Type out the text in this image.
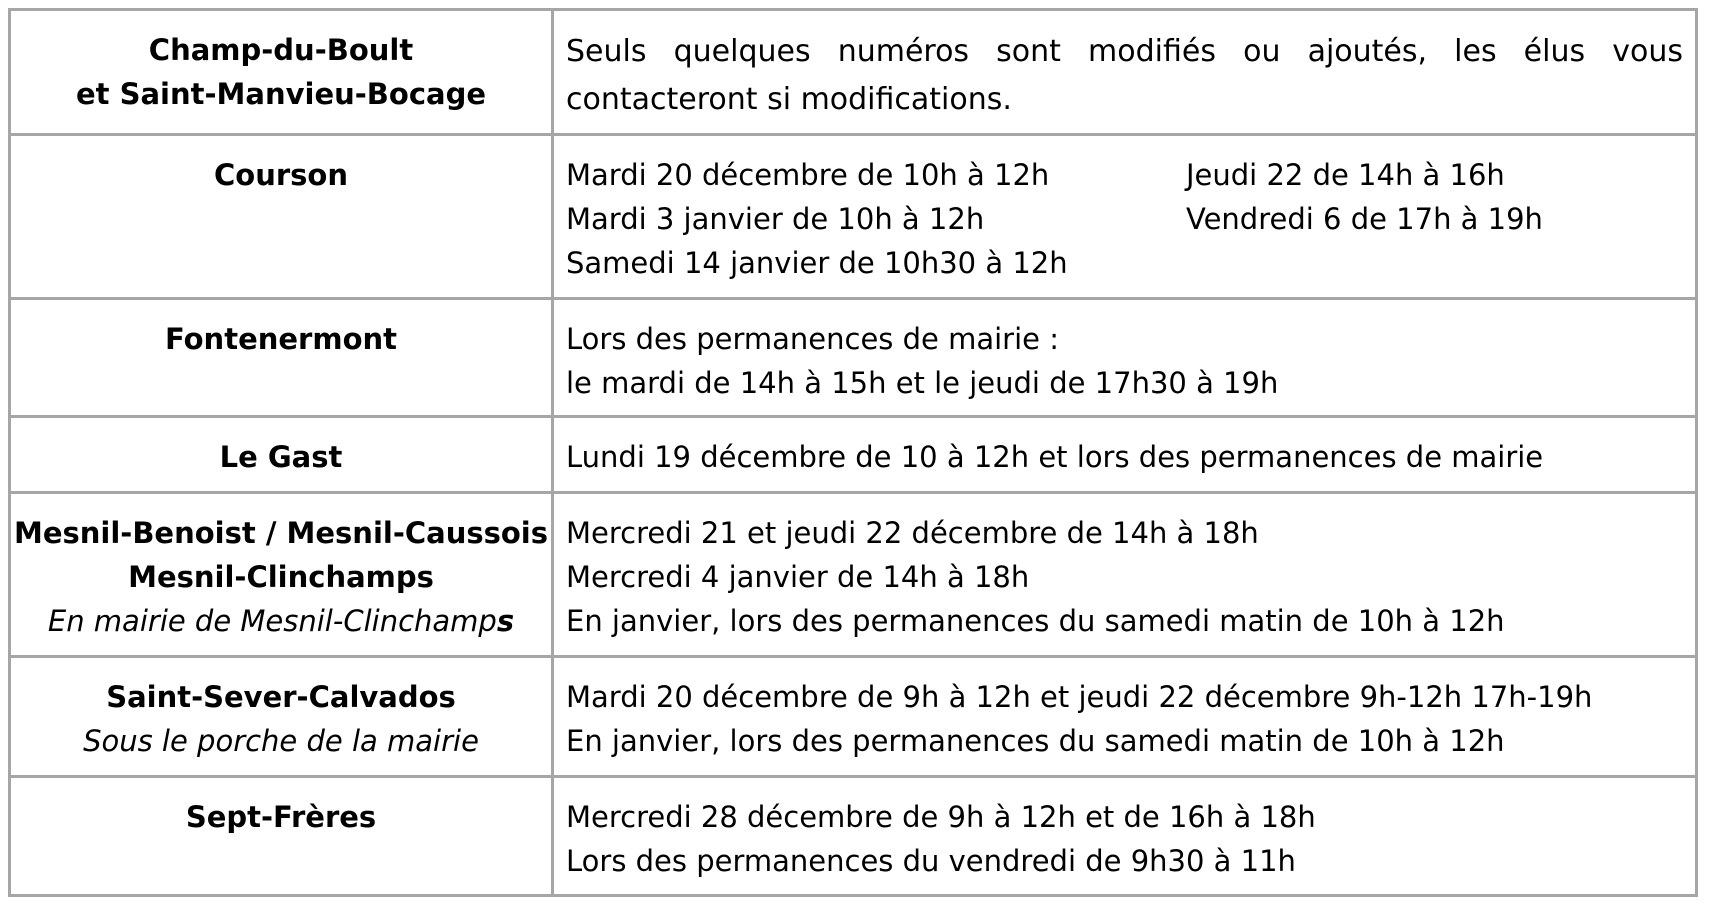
Champ-du-Boult
et Saint-Manvieu-Bocage	Seuls quelques numéros sont modifiés ou ajoutés, les élus vous contacteront si modifications.

Courson	Mardi 20 décembre de 10h à 12h
Mardi 3 janvier de 10h à 12h
Samedi 14 janvier de 10h30 à 12h
Jeudi 22 de 14h à 16h
Vendredi 6 de 17h à 19h

Fontenermont	Lors des permanences de mairie :
le mardi de 14h à 15h et le jeudi de 17h30 à 19h

Le Gast	Lundi 19 décembre de 10 à 12h et lors des permanences de mairie

Mesnil-Benoist / Mesnil-Caussois
Mesnil-Clinchamps
En mairie de Mesnil-Clinchamps	Mercredi 21 et jeudi 22 décembre de 14h à 18h
Mercredi 4 janvier de 14h à 18h
En janvier, lors des permanences du samedi matin de 10h à 12h

Saint-Sever-Calvados
Sous le porche de la mairie	Mardi 20 décembre de 9h à 12h et jeudi 22 décembre 9h-12h 17h-19h
En janvier, lors des permanences du samedi matin de 10h à 12h

Sept-Frères	Mercredi 28 décembre de 9h à 12h et de 16h à 18h
Lors des permanences du vendredi de 9h30 à 11h
